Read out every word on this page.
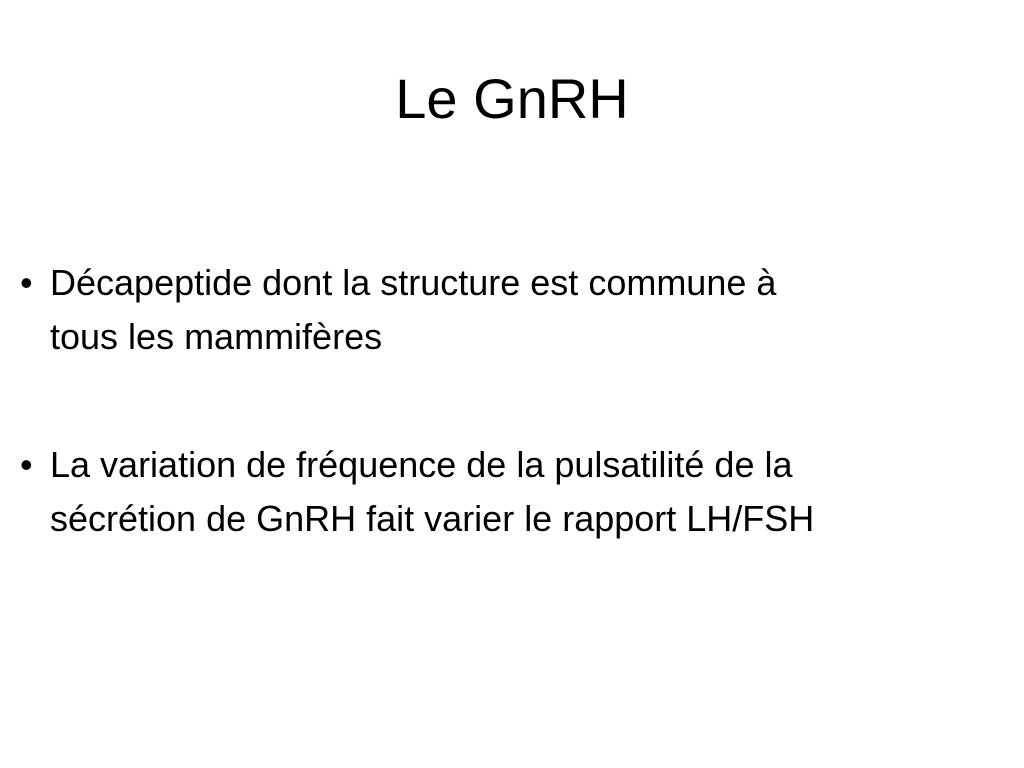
Le GnRH
• Décapeptide dont la structure est commune à
tous les mammifères
• La variation de fréquence de la pulsatilité de la
sécrétion de GnRH fait varier le rapport LH/FSH
